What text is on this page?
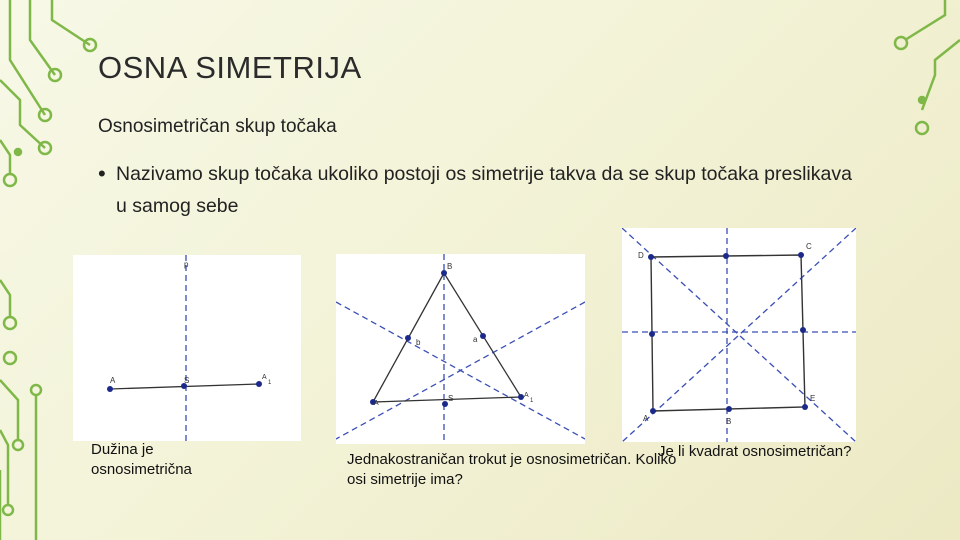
OSNA SIMETRIJA
Osnosimetričan skup točaka
• Nazivamo skup točaka ukoliko postoji os simetrije takva da se skup točaka preslikava u samog sebe
p
A	S	A
1
Dužina je osnosimetrična
B
b	a
A
S	A
1
Jednakostraničan trokut je osnosimetričan. Koliko osi simetrije ima?
D
C
A	B
E
Je li kvadrat osnosimetričan?
